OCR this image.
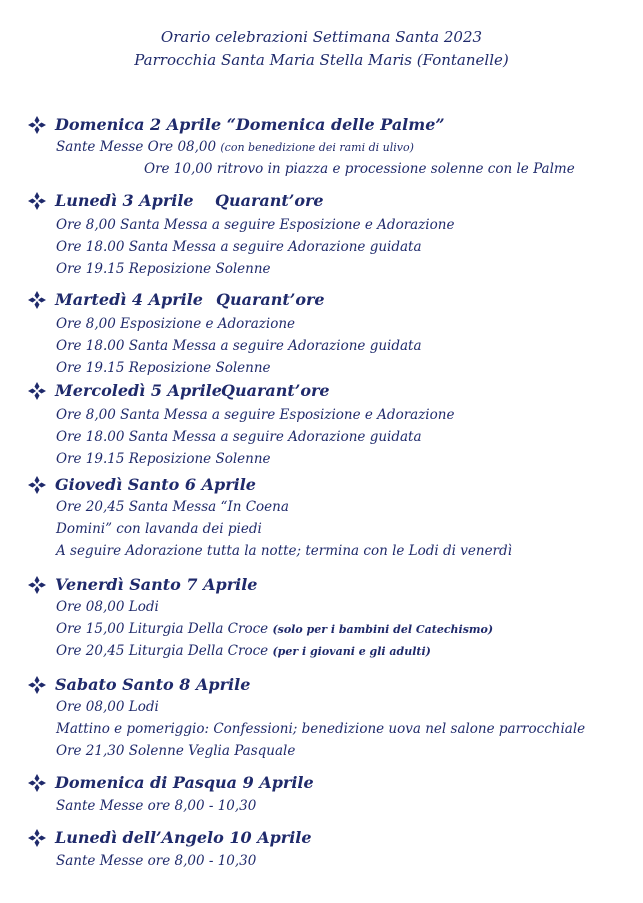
Orario celebrazioni Settimana Santa 2023
Parrocchia Santa Maria Stella Maris (Fontanelle)
Domenica 2 Aprile “Domenica delle Palme”
Sante Messe Ore 08,00 (con benedizione dei rami di ulivo)
Ore 10,00 ritrovo in piazza e processione solenne con le Palme
Lunedì 3 Aprile Quarant’ore
Ore 8,00 Santa Messa a seguire Esposizione e Adorazione
Ore 18.00 Santa Messa a seguire Adorazione guidata
Ore 19.15 Reposizione Solenne
Martedì 4 Aprile Quarant’ore
Ore 8,00 Esposizione e Adorazione
Ore 18.00 Santa Messa a seguire Adorazione guidata
Ore 19.15 Reposizione Solenne
Mercoledì 5 Aprile Quarant’ore
Ore 8,00 Santa Messa a seguire Esposizione e Adorazione
Ore 18.00 Santa Messa a seguire Adorazione guidata
Ore 19.15 Reposizione Solenne
Giovedì Santo 6 Aprile
Ore 20,45 Santa Messa “In Coena
Domini” con lavanda dei piedi
A seguire Adorazione tutta la notte; termina con le Lodi di venerdì
Venerdì Santo 7 Aprile
Ore 08,00 Lodi
Ore 15,00 Liturgia Della Croce (solo per i bambini del Catechismo)
Ore 20,45 Liturgia Della Croce (per i giovani e gli adulti)
Sabato Santo 8 Aprile
Ore 08,00 Lodi
Mattino e pomeriggio: Confessioni; benedizione uova nel salone parrocchiale
Ore 21,30 Solenne Veglia Pasquale
Domenica di Pasqua 9 Aprile
Sante Messe ore 8,00 - 10,30
Lunedì dell’Angelo 10 Aprile
Sante Messe ore 8,00 - 10,30
